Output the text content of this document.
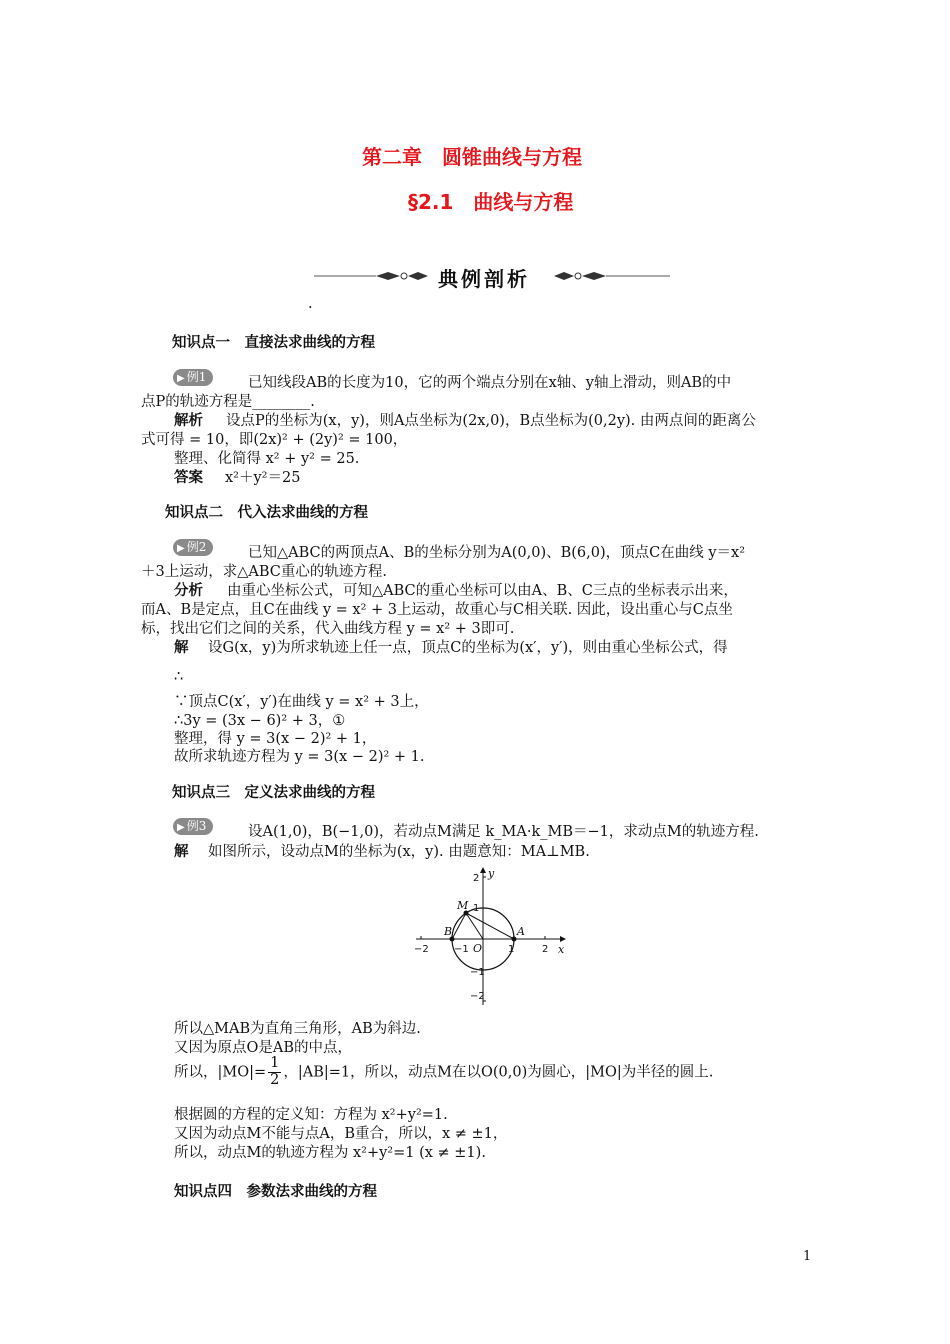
第二章　圆锥曲线与方程
§2.1　曲线与方程
典例剖析
.
知识点一　直接法求曲线的方程
▶ 例1	已知线段AB的长度为10，它的两个端点分别在x轴、y轴上滑动，则AB的中
点P的轨迹方程是________.
解析 设点P的坐标为(x，y)，则A点坐标为(2x,0)，B点坐标为(0,2y). 由两点间的距离公
式可得 = 10，即(2x)² + (2y)² = 100，
整理、化简得 x² + y² = 25.
答案 x²＋y²＝25
知识点二　代入法求曲线的方程
▶ 例2	已知△ABC的两顶点A、B的坐标分别为A(0,0)、B(6,0)，顶点C在曲线 y＝x²
＋3上运动，求△ABC重心的轨迹方程.
分析 由重心坐标公式，可知△ABC的重心坐标可以由A、B、C三点的坐标表示出来，
而A、B是定点，且C在曲线 y = x² + 3上运动，故重心与C相关联. 因此，设出重心与C点坐
标，找出它们之间的关系，代入曲线方程 y = x² + 3即可.
解 设G(x，y)为所求轨迹上任一点，顶点C的坐标为(x′，y′)，则由重心坐标公式，得
∴
∵顶点C(x′，y′)在曲线 y = x² + 3上，
∴3y = (3x − 6)² + 3，①
整理，得 y = 3(x − 2)² + 1，
故所求轨迹方程为 y = 3(x − 2)² + 1.
知识点三　定义法求曲线的方程
▶ 例3	设A(1,0)，B(−1,0)，若动点M满足 k_MA·k_MB＝−1，求动点M的轨迹方程.
解 如图所示，设动点M的坐标为(x，y). 由题意知：MA⊥MB.
x
y
O
M
B	A
−2	−1	1	2
2
1
−1
−2
所以△MAB为直角三角形，AB为斜边.
又因为原点O是AB的中点，
所以，$|MO|= \frac{1}{2}$ ，|AB|=1，所以，动点M在以O(0,0)为圆心，|MO|为半径的圆上.
根据圆的方程的定义知：方程为 x²+y²=1.
又因为动点M不能与点A，B重合，所以，x ≠ ±1，
所以，动点M的轨迹方程为 x²+y²=1 (x ≠ ±1).
知识点四　参数法求曲线的方程
1
